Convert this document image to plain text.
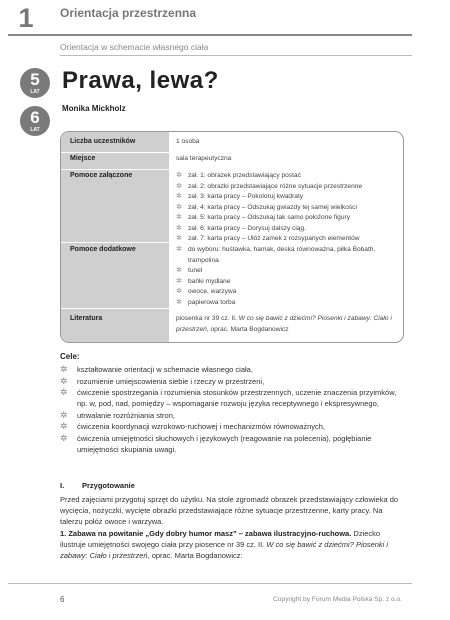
1	Orientacja przestrzenna
Orientacja w schemacie własnego ciała
5
LAT
6
LAT
Prawa, lewa?
Monika Mickholz
Liczba uczestników	1 osoba
Miejsce	sala terapeutyczna
Pomoce załączone	✲ zał. 1: obrazek przedstawiający postać
✲ zał. 2: obrazki przedstawiające różne sytuacje przestrzenne
✲ zał. 3: karta pracy – Pokoloruj kwadraty
✲ zał. 4: karta pracy – Odszukaj gwiazdy tej samej wielkości
✲ zał. 5: karta pracy – Odszukaj tak samo położone figury
✲ zał. 6: karta pracy – Dorysuj dalszy ciąg.
✲ zał. 7: karta pracy – Ułóż zamek z rozsypanych elementów
Pomoce dodatkowe	✲ do wyboru: huśtawka, hamak, deska równoważna, piłka Bobath, trampolina
✲ tunel
✲ bańki mydlane
✲ owoce, warzywa
✲ papierowa torba
Literatura	piosenka nr 39 cz. II. W co się bawić z dziećmi? Piosenki i zabawy: Ciało i przestrzeń, oprac. Marta Bogdanowicz
Cele:
✲ kształtowanie orientacji w schemacie własnego ciała,
✲ rozumienie umiejscowienia siebie i rzeczy w przestrzeni,
✲ ćwiczenie spostrzegania i rozumienia stosunków przestrzennych, uczenie znaczenia przyimków, np. w, pod, nad, pomiędzy – wspomaganie rozwoju języka receptywnego i ekspresywnego,
✲ utrwalanie rozróżniania stron,
✲ ćwiczenia koordynacji wzrokowo-ruchowej i mechanizmów równoważnych,
✲ ćwiczenia umiejętności słuchowych i językowych (reagowanie na polecenia), pogłębianie umiejętności skupiania uwagi.
I. Przygotowanie
Przed zajęciami przygotuj sprzęt do użytku. Na stole zgromadź obrazek przedstawiający człowieka do wycięcia, nożyczki, wycięte obrazki przedstawiające różne sytuacje przestrzenne, karty pracy. Na talerzu połóż owoce i warzywa.
1. Zabawa na powitanie „Gdy dobry humor masz” – zabawa ilustracyjno-ruchowa. Dziecko ilustruje umiejętności swojego ciała przy piosence nr 39 cz. II. W co się bawić z dziećmi? Piosenki i zabawy: Ciało i przestrzeń, oprac. Marta Bogdanowicz:
6	Copyright by Forum Media Polska Sp. z o.o.
